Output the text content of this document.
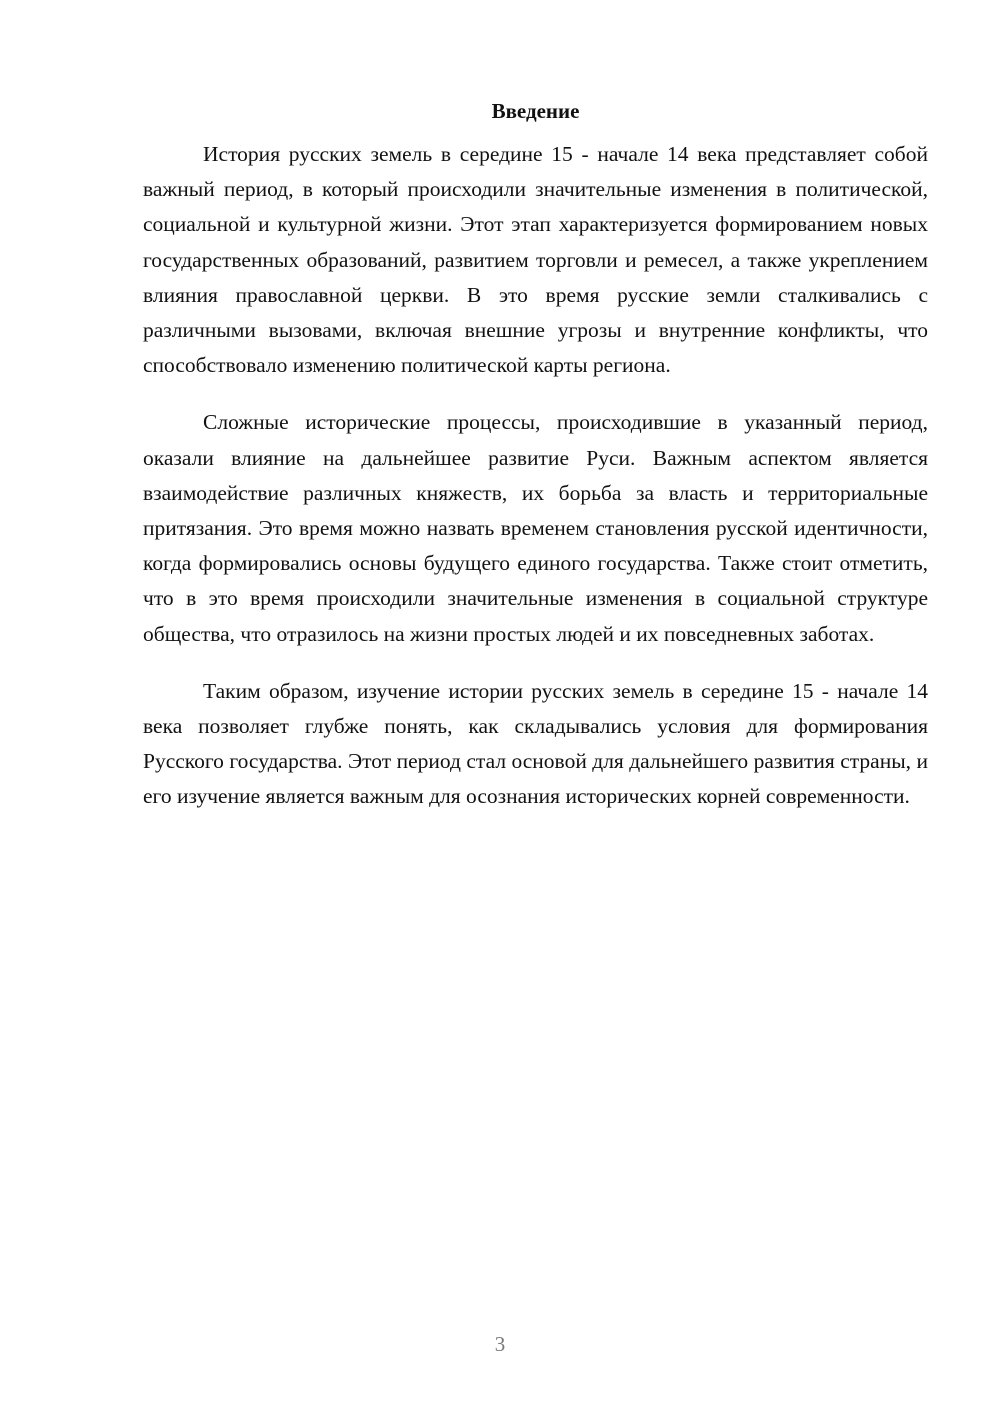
Введение

История русских земель в середине 15 - начале 14 века представляет собой важный период, в который происходили значительные изменения в политической, социальной и культурной жизни. Этот этап характеризуется формированием новых государственных образований, развитием торговли и ремесел, а также укреплением влияния православной церкви. В это время русские земли сталкивались с различными вызовами, включая внешние угрозы и внутренние конфликты, что способствовало изменению политической карты региона.

Сложные исторические процессы, происходившие в указанный период, оказали влияние на дальнейшее развитие Руси. Важным аспектом является взаимодействие различных княжеств, их борьба за власть и территориальные притязания. Это время можно назвать временем становления русской идентичности, когда формировались основы будущего единого государства. Также стоит отметить, что в это время происходили значительные изменения в социальной структуре общества, что отразилось на жизни простых людей и их повседневных заботах.

Таким образом, изучение истории русских земель в середине 15 - начале 14 века позволяет глубже понять, как складывались условия для формирования Русского государства. Этот период стал основой для дальнейшего развития страны, и его изучение является важным для осознания исторических корней современности.

3
